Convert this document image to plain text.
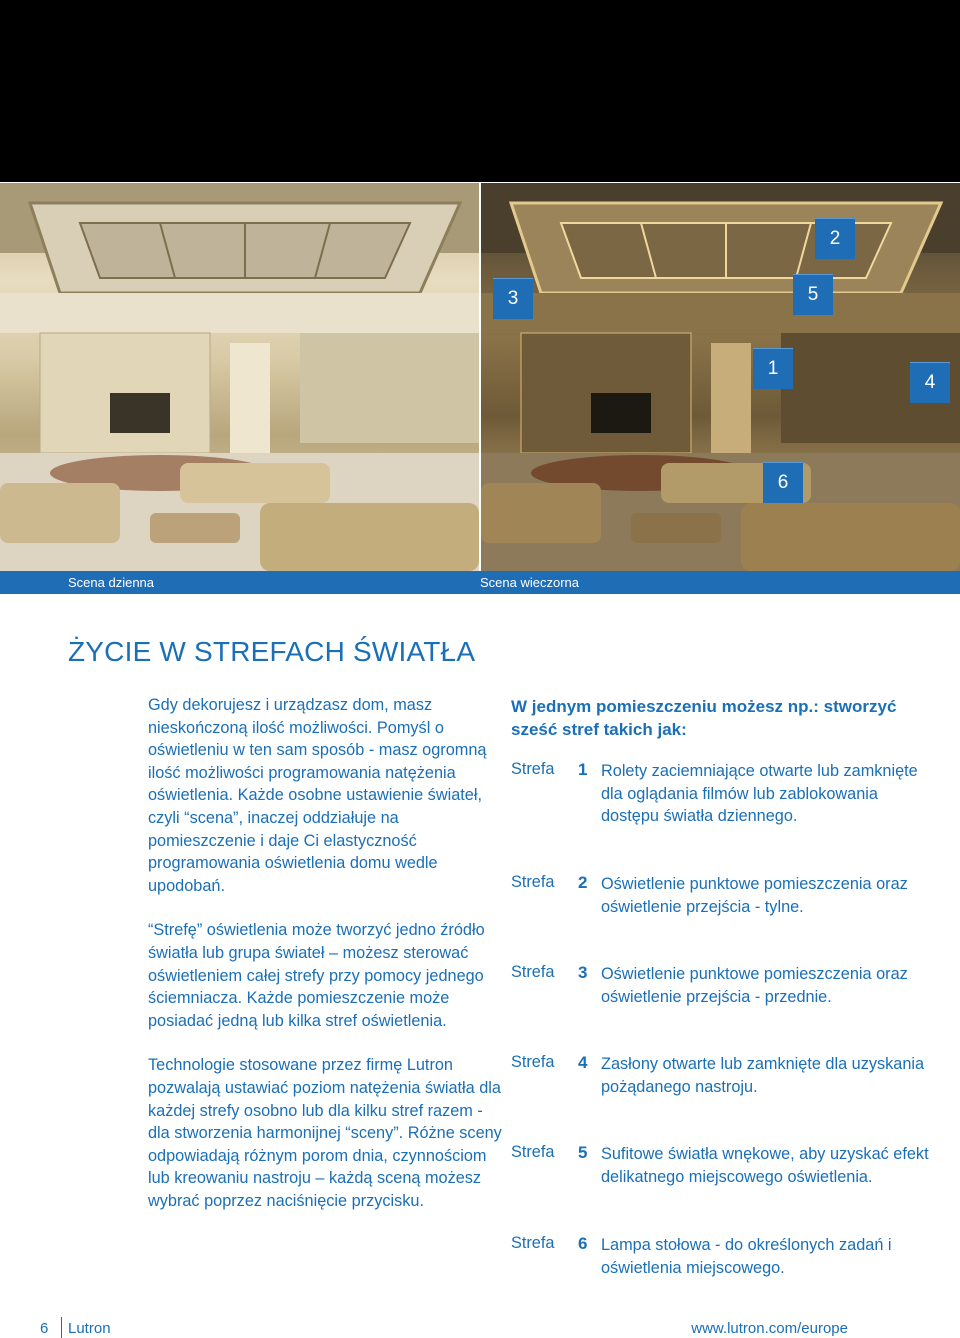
2
3	5
1
4
6
Scena dzienna	Scena wieczorna
ŻYCIE W STREFACH ŚWIATŁA

Gdy dekorujesz i urządzasz dom, masz nieskończoną ilość możliwości. Pomyśl o oświetleniu w ten sam sposób - masz ogromną ilość możliwości programowania natężenia oświetlenia. Każde osobne ustawienie świateł, czyli “scena”, inaczej oddziałuje na pomieszczenie i daje Ci elastyczność programowania oświetlenia domu wedle upodobań.

“Strefę” oświetlenia może tworzyć jedno źródło światła lub grupa świateł – możesz sterować oświetleniem całej strefy przy pomocy jednego ściemniacza. Każde pomieszczenie może posiadać jedną lub kilka stref oświetlenia.

Technologie stosowane przez firmę Lutron pozwalają ustawiać poziom natężenia światła dla każdej strefy osobno lub dla kilku stref razem - dla stworzenia harmonijnej “sceny”. Różne sceny odpowiadają różnym porom dnia, czynnościom lub kreowaniu nastroju – każdą sceną możesz wybrać poprzez naciśnięcie przycisku.

W jednym pomieszczeniu możesz np.: stworzyć sześć stref takich jak:
Strefa 1 Rolety zaciemniające otwarte lub zamknięte dla oglądania filmów lub zablokowania dostępu światła dziennego.
Strefa 2 Oświetlenie punktowe pomieszczenia oraz oświetlenie przejścia - tylne.
Strefa 3 Oświetlenie punktowe pomieszczenia oraz oświetlenie przejścia - przednie.
Strefa 4 Zasłony otwarte lub zamknięte dla uzyskania pożądanego nastroju.
Strefa 5 Sufitowe światła wnękowe, aby uzyskać efekt delikatnego miejscowego oświetlenia.
Strefa 6 Lampa stołowa - do określonych zadań i oświetlenia miejscowego.
6 Lutron	www.lutron.com/europe
